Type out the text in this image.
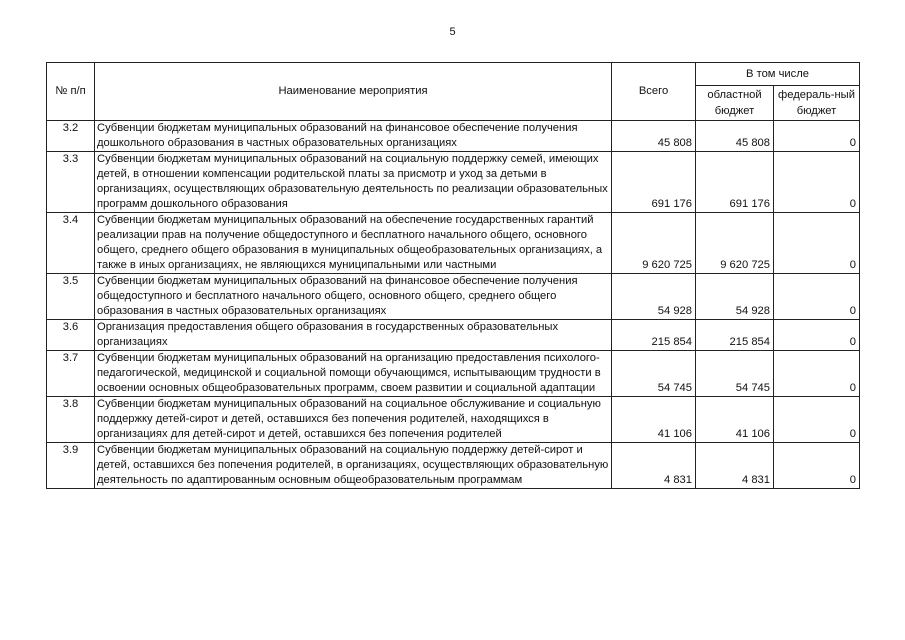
5
№ п/п	Наименование мероприятия	Всего	В том числе	
			областной бюджет	федераль-ный бюджет
3.2	Субвенции бюджетам муниципальных образований на финансовое обеспечение получения дошкольного образования в частных образовательных организациях	45 808	45 808	0
3.3	Субвенции бюджетам муниципальных образований на социальную поддержку семей, имеющих детей, в отношении компенсации родительской платы за присмотр и уход за детьми в организациях, осуществляющих образовательную деятельность по реализации образовательных программ дошкольного образования	691 176	691 176	0
3.4	Субвенции бюджетам муниципальных образований на обеспечение государственных гарантий реализации прав на получение общедоступного и бесплатного начального общего, основного общего, среднего общего образования в муниципальных общеобразовательных организациях, а также в иных организациях, не являющихся муниципальными или частными	9 620 725	9 620 725	0
3.5	Субвенции бюджетам муниципальных образований на финансовое обеспечение получения общедоступного и бесплатного начального общего, основного общего, среднего общего образования в частных образовательных организациях	54 928	54 928	0
3.6	Организация предоставления общего образования в государственных образовательных организациях	215 854	215 854	0
3.7	Субвенции бюджетам муниципальных образований на организацию предоставления психолого-педагогической, медицинской и социальной помощи обучающимся, испытывающим трудности в освоении основных общеобразовательных программ, своем развитии и социальной адаптации	54 745	54 745	0
3.8	Субвенции бюджетам муниципальных образований на социальное обслуживание и социальную поддержку детей-сирот и детей, оставшихся без попечения родителей, находящихся в организациях для детей-сирот и детей, оставшихся без попечения родителей	41 106	41 106	0
3.9	Субвенции бюджетам муниципальных образований на социальную поддержку детей-сирот и детей, оставшихся без попечения родителей, в организациях, осуществляющих образовательную деятельность по адаптированным основным общеобразовательным программам	4 831	4 831	0
